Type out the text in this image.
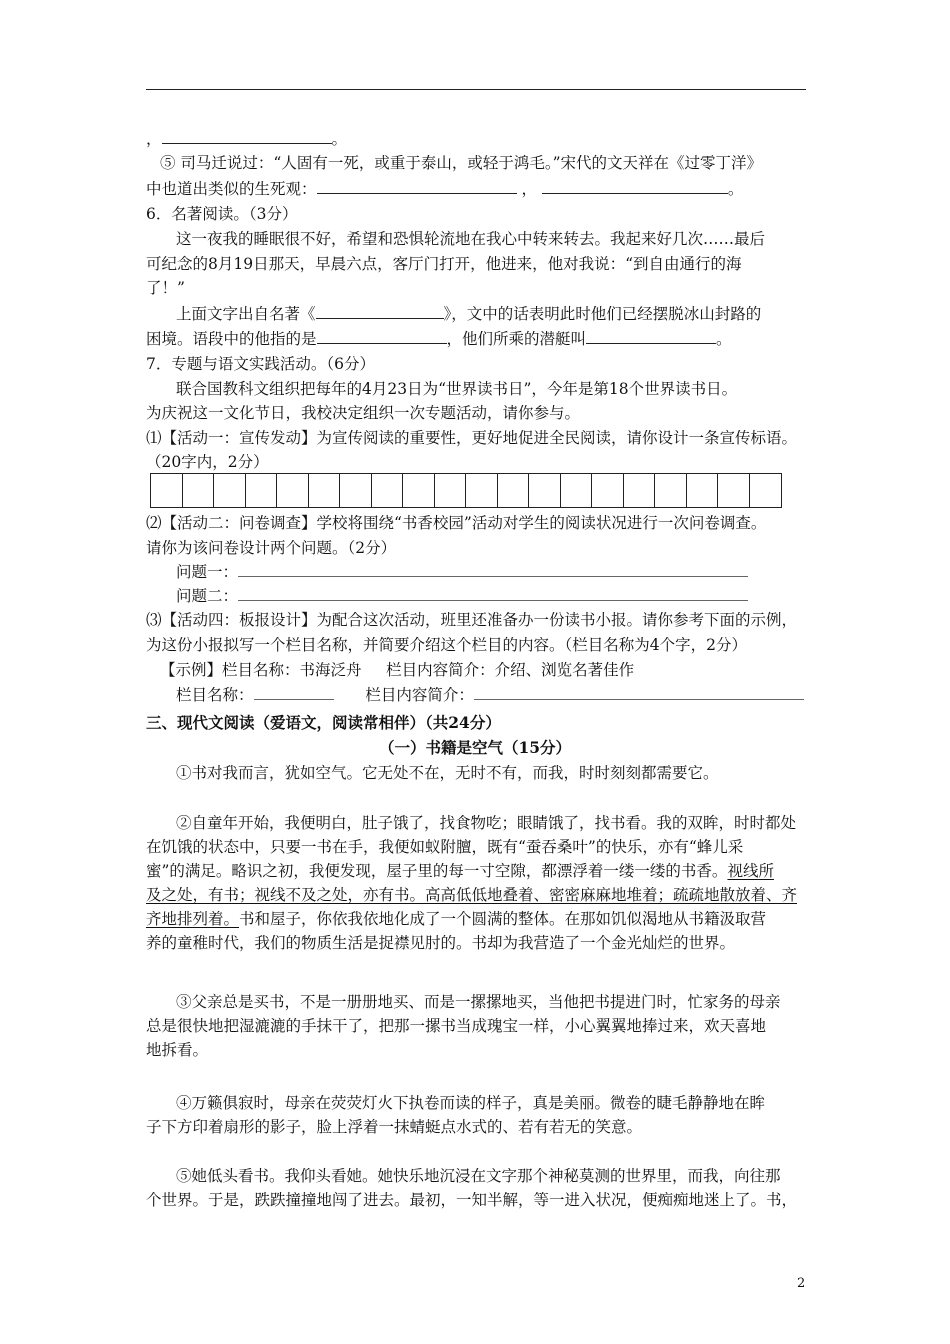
，	。
⑤ 司马迁说过：“人固有一死，或重于泰山，或轻于鸿毛。”宋代的文天祥在《过零丁洋》
中也道出类似的生死观：	，	。
6．名著阅读。（3分）
这一夜我的睡眠很不好，希望和恐惧轮流地在我心中转来转去。我起来好几次……最后
可纪念的8月19日那天，早晨六点，客厅门打开，他进来，他对我说：“到自由通行的海
了！”
上面文字出自名著《	》，文中的话表明此时他们已经摆脱冰山封路的
困境。语段中的他指的是	，他们所乘的潜艇叫	。
7．专题与语文实践活动。（6分）
联合国教科文组织把每年的4月23日为“世界读书日”，今年是第18个世界读书日。
为庆祝这一文化节日，我校决定组织一次专题活动，请你参与。
⑴【活动一：宣传发动】为宣传阅读的重要性，更好地促进全民阅读，请你设计一条宣传标语。
（20字内，2分）
⑵【活动二：问卷调查】学校将围绕“书香校园”活动对学生的阅读状况进行一次问卷调查。
请你为该问卷设计两个问题。（2分）
问题一：
问题二：
⑶【活动四：板报设计】为配合这次活动，班里还准备办一份读书小报。请你参考下面的示例，
为这份小报拟写一个栏目名称，并简要介绍这个栏目的内容。（栏目名称为4个字，2分）
【示例】栏目名称：书海泛舟     栏目内容简介：介绍、浏览名著佳作
栏目名称：	栏目内容简介：
三、现代文阅读（爱语文，阅读常相伴）（共24分）
（一）书籍是空气（15分）
①书对我而言，犹如空气。它无处不在，无时不有，而我，时时刻刻都需要它。
②自童年开始，我便明白，肚子饿了，找食物吃；眼睛饿了，找书看。我的双眸，时时都处
在饥饿的状态中，只要一书在手，我便如蚁附膻，既有“蚕吞桑叶”的快乐，亦有“蜂儿采
蜜”的满足。略识之初，我便发现，屋子里的每一寸空隙，都漂浮着一缕一缕的书香。视线所
及之处，有书；视线不及之处，亦有书。高高低低地叠着、密密麻麻地堆着；疏疏地散放着、齐
齐地排列着。书和屋子，你依我依地化成了一个圆满的整体。在那如饥似渴地从书籍汲取营
养的童稚时代，我们的物质生活是捉襟见肘的。书却为我营造了一个金光灿烂的世界。
③父亲总是买书，不是一册册地买、而是一摞摞地买，当他把书提进门时，忙家务的母亲
总是很快地把湿漉漉的手抹干了，把那一摞书当成瑰宝一样，小心翼翼地捧过来，欢天喜地
地拆看。
④万籁俱寂时，母亲在荧荧灯火下执卷而读的样子，真是美丽。微卷的睫毛静静地在眸
子下方印着扇形的影子，脸上浮着一抹蜻蜓点水式的、若有若无的笑意。
⑤她低头看书。我仰头看她。她快乐地沉浸在文字那个神秘莫测的世界里，而我，向往那
个世界。于是，跌跌撞撞地闯了进去。最初，一知半解，等一进入状况，便痴痴地迷上了。书，
2
